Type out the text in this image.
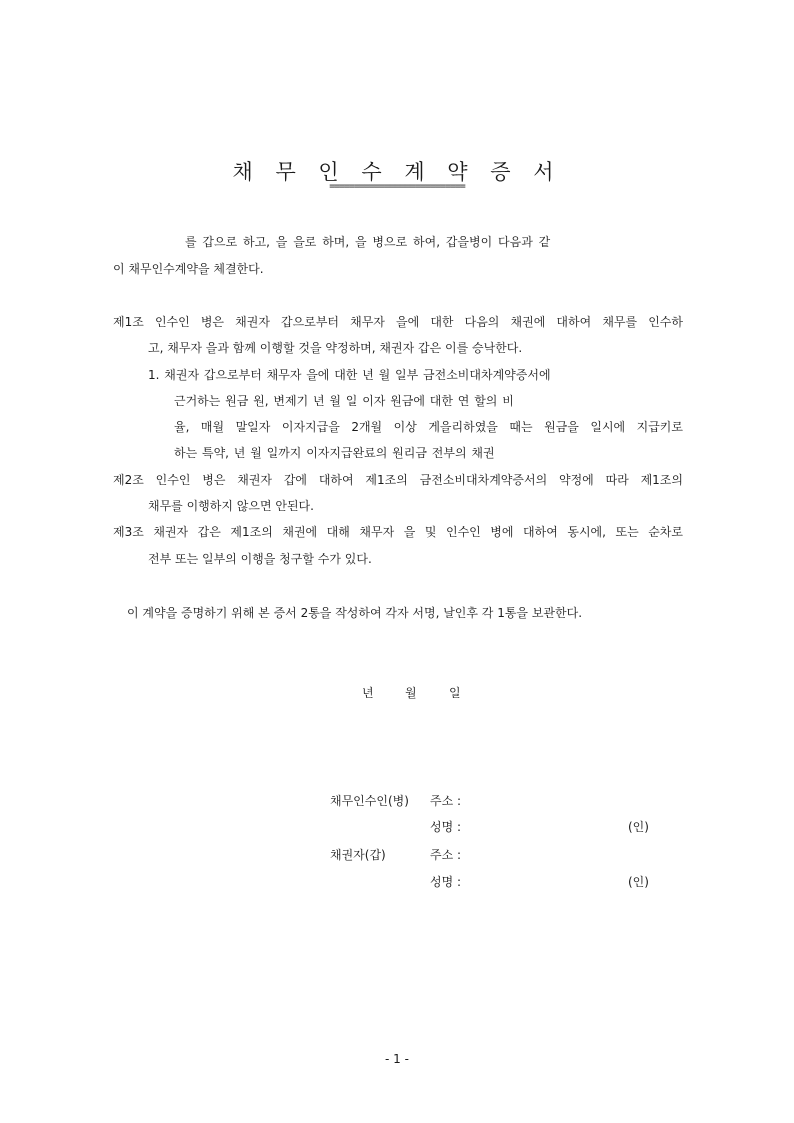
채 무 인 수 계 약 증 서
===========================
를 갑으로 하고, 을 을로 하며, 을 병으로 하여, 갑을병이 다음과 같
이 채무인수계약을 체결한다.
제1조 인수인 병은 채권자 갑으로부터 채무자 을에 대한 다음의 채권에 대하여 채무를 인수하
고, 채무자 을과 함께 이행할 것을 약정하며, 채권자 갑은 이를 승낙한다.
1. 채권자 갑으로부터 채무자 을에 대한 년 월 일부 금전소비대차계약증서에
근거하는 원금 원, 변제기 년 월 일 이자 원금에 대한 연 할의 비
율, 매월 말일자 이자지급을 2개월 이상 게을리하였을 때는 원금을 일시에 지급키로
하는 특약, 년 월 일까지 이자지급완료의 원리금 전부의 채권
제2조 인수인 병은 채권자 갑에 대하여 제1조의 금전소비대차계약증서의 약정에 따라 제1조의
채무를 이행하지 않으면 안된다.
제3조 채권자 갑은 제1조의 채권에 대해 채무자 을 및 인수인 병에 대하여 동시에, 또는 순차로
전부 또는 일부의 이행을 청구할 수가 있다.
이 계약을 증명하기 위해 본 증서 2통을 작성하여 각자 서명, 날인후 각 1통을 보관한다.
년	월	일
채무인수인(병) 주소 :
성명 :	(인)
채권자(갑)	주소 :
성명 :	(인)
- 1 -
